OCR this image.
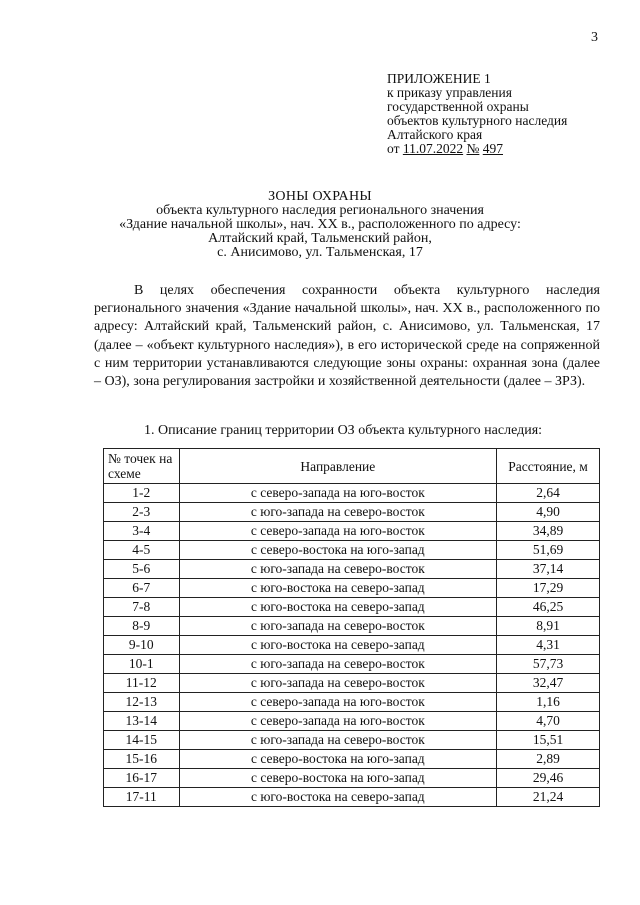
3
ПРИЛОЖЕНИЕ 1
к приказу управления
государственной охраны
объектов культурного наследия
Алтайского края
от 11.07.2022 № 497
ЗОНЫ ОХРАНЫ
объекта культурного наследия регионального значения
«Здание начальной школы», нач. XX в., расположенного по адресу:
Алтайский край, Тальменский район,
с. Анисимово, ул. Тальменская, 17

В целях обеспечения сохранности объекта культурного наследия регионального значения «Здание начальной школы», нач. XX в., расположенного по адресу: Алтайский край, Тальменский район, с. Анисимово, ул. Тальменская, 17 (далее – «объект культурного наследия»), в его исторической среде на сопряженной с ним территории устанавливаются следующие зоны охраны: охранная зона (далее – ОЗ), зона регулирования застройки и хозяйственной деятельности (далее – ЗРЗ).

1. Описание границ территории ОЗ объекта культурного наследия:
№ точек на схеме	Направление	Расстояние, м
1-2	с северо-запада на юго-восток	2,64
2-3	с юго-запада на северо-восток	4,90
3-4	с северо-запада на юго-восток	34,89
4-5	с северо-востока на юго-запад	51,69
5-6	с юго-запада на северо-восток	37,14
6-7	с юго-востока на северо-запад	17,29
7-8	с юго-востока на северо-запад	46,25
8-9	с юго-запада на северо-восток	8,91
9-10	с юго-востока на северо-запад	4,31
10-1	с юго-запада на северо-восток	57,73
11-12	с юго-запада на северо-восток	32,47
12-13	с северо-запада на юго-восток	1,16
13-14	с северо-запада на юго-восток	4,70
14-15	с юго-запада на северо-восток	15,51
15-16	с северо-востока на юго-запад	2,89
16-17	с северо-востока на юго-запад	29,46
17-11	с юго-востока на северо-запад	21,24
